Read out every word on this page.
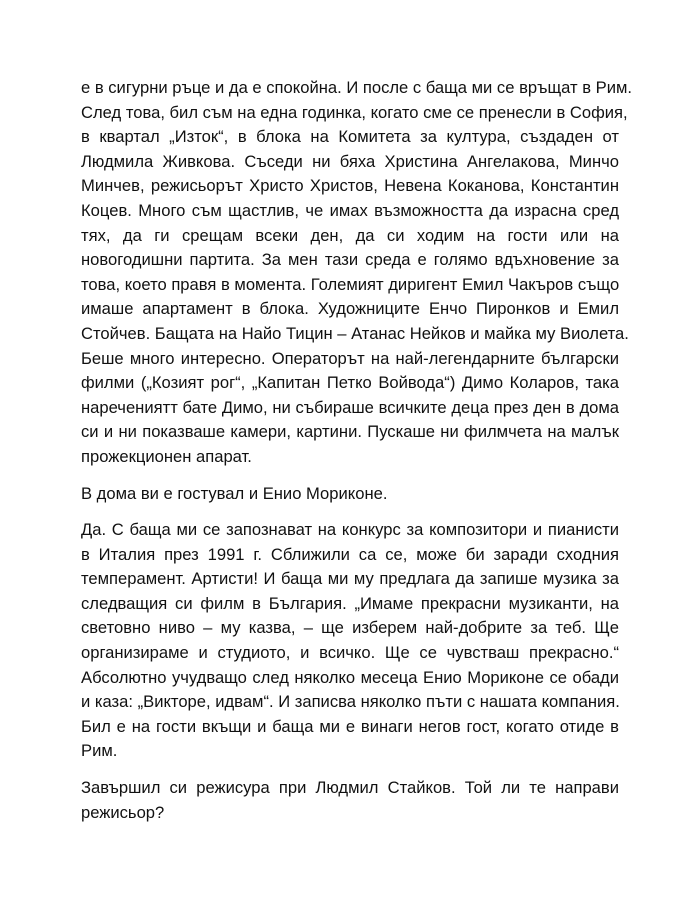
е в сигурни ръце и да е спокойна. И после с баща ми се връщат в Рим.
След това, бил съм на една годинка, когато сме се пренесли в София,
в квартал „Изток“, в блока на Комитета за култура, създаден от
Людмила Живкова. Съседи ни бяха Христина Ангелакова, Минчо
Минчев, режисьорът Христо Христов, Невена Коканова, Константин
Коцев. Много съм щастлив, че имах възможността да израсна сред
тях, да ги срещам всеки ден, да си ходим на гости или на
новогодишни партита. За мен тази среда е голямо вдъхновение за
това, което правя в момента. Големият диригент Емил Чакъров също
имаше апартамент в блока. Художниците Енчо Пиронков и Емил
Стойчев. Бащата на Найо Тицин – Атанас Нейков и майка му Виолета.
Беше много интересно. Операторът на най-легендарните български
филми („Козият рог“, „Капитан Петко Войвода“) Димо Коларов, така
наречениятт бате Димо, ни събираше всичките деца през ден в дома
си и ни показваше камери, картини. Пускаше ни филмчета на малък
прожекционен апарат.

В дома ви е гостувал и Енио Мориконе.

Да. С баща ми се запознават на конкурс за композитори и пианисти
в Италия през 1991 г. Сближили са се, може би заради сходния
темперамент. Артисти! И баща ми му предлага да запише музика за
следващия си филм в България. „Имаме прекрасни музиканти, на
световно ниво – му казва, – ще изберем най-добрите за теб. Ще
организираме и студиото, и всичко. Ще се чувстваш прекрасно.“
Абсолютно учудващо след няколко месеца Енио Мориконе се обади
и каза: „Викторе, идвам“. И записва няколко пъти с нашата компания.
Бил е на гости вкъщи и баща ми е винаги негов гост, когато отиде в
Рим.

Завършил си режисура при Людмил Стайков. Той ли те направи
режисьор?
